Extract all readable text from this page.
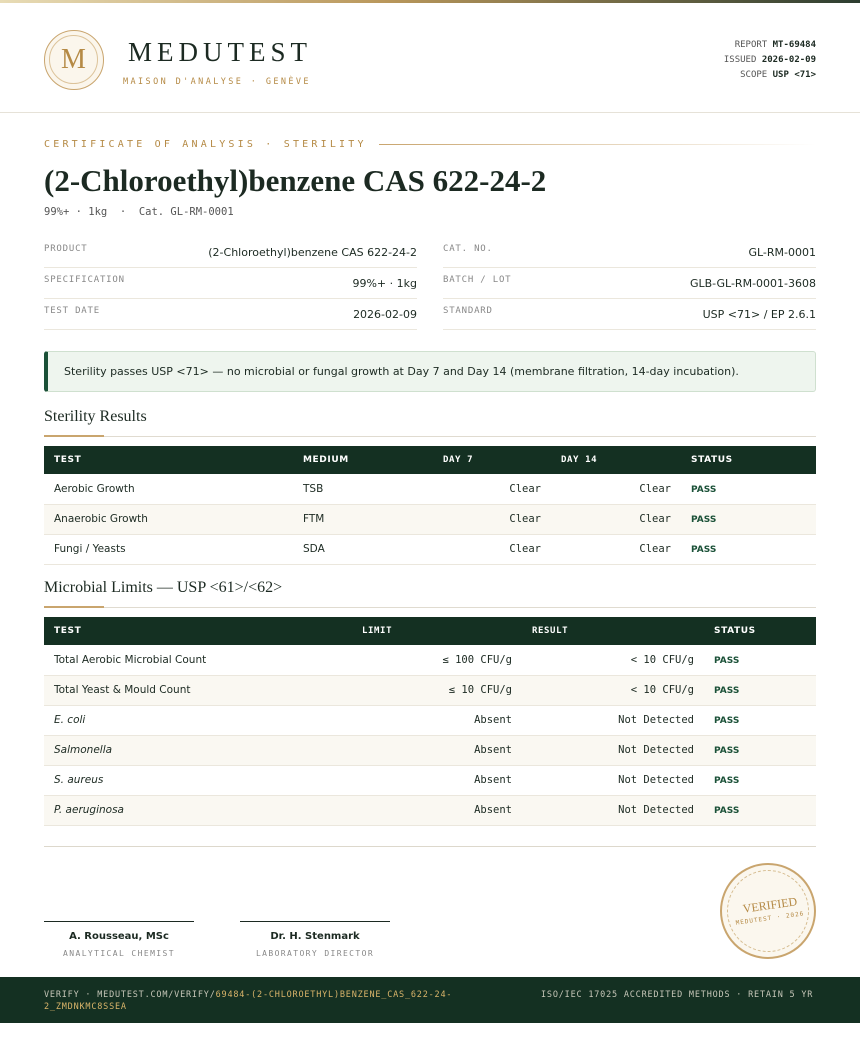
M	MEDUTEST
MAISON D'ANALYSE · GENÈVE
REPORT MT-69484
ISSUED 2026-02-09
SCOPE USP <71>
CERTIFICATE OF ANALYSIS · STERILITY
(2-Chloroethyl)benzene CAS 622-24-2
99%+ · 1kg  ·  Cat. GL-RM-0001
PRODUCT	(2-Chloroethyl)benzene CAS 622-24-2
SPECIFICATION	99%+ · 1kg
TEST DATE	2026-02-09
CAT. NO.	GL-RM-0001
BATCH / LOT	GLB-GL-RM-0001-3608
STANDARD	USP <71> / EP 2.6.1
Sterility passes USP <71> — no microbial or fungal growth at Day 7 and Day 14 (membrane filtration, 14-day incubation).
Sterility Results
TEST	MEDIUM	DAY 7	DAY 14	STATUS
Aerobic Growth	TSB	Clear	Clear	PASS
Anaerobic Growth	FTM	Clear	Clear	PASS
Fungi / Yeasts	SDA	Clear	Clear	PASS
Microbial Limits — USP <61>/<62>
TEST	LIMIT	RESULT	STATUS
Total Aerobic Microbial Count	≤ 100 CFU/g	< 10 CFU/g	PASS
Total Yeast & Mould Count	≤ 10 CFU/g	< 10 CFU/g	PASS
E. coli	Absent	Not Detected	PASS
Salmonella	Absent	Not Detected	PASS
S. aureus	Absent	Not Detected	PASS
P. aeruginosa	Absent	Not Detected	PASS
A. Rousseau, MSc
ANALYTICAL CHEMIST
Dr. H. Stenmark
LABORATORY DIRECTOR
VERIFIED
MEDUTEST · 2026
VERIFY · MEDUTEST.COM/VERIFY/69484-(2-CHLOROETHYL)BENZENE_CAS_622-24-2_ZMDNKMC8SSEA
ISO/IEC 17025 ACCREDITED METHODS · RETAIN 5 YR
